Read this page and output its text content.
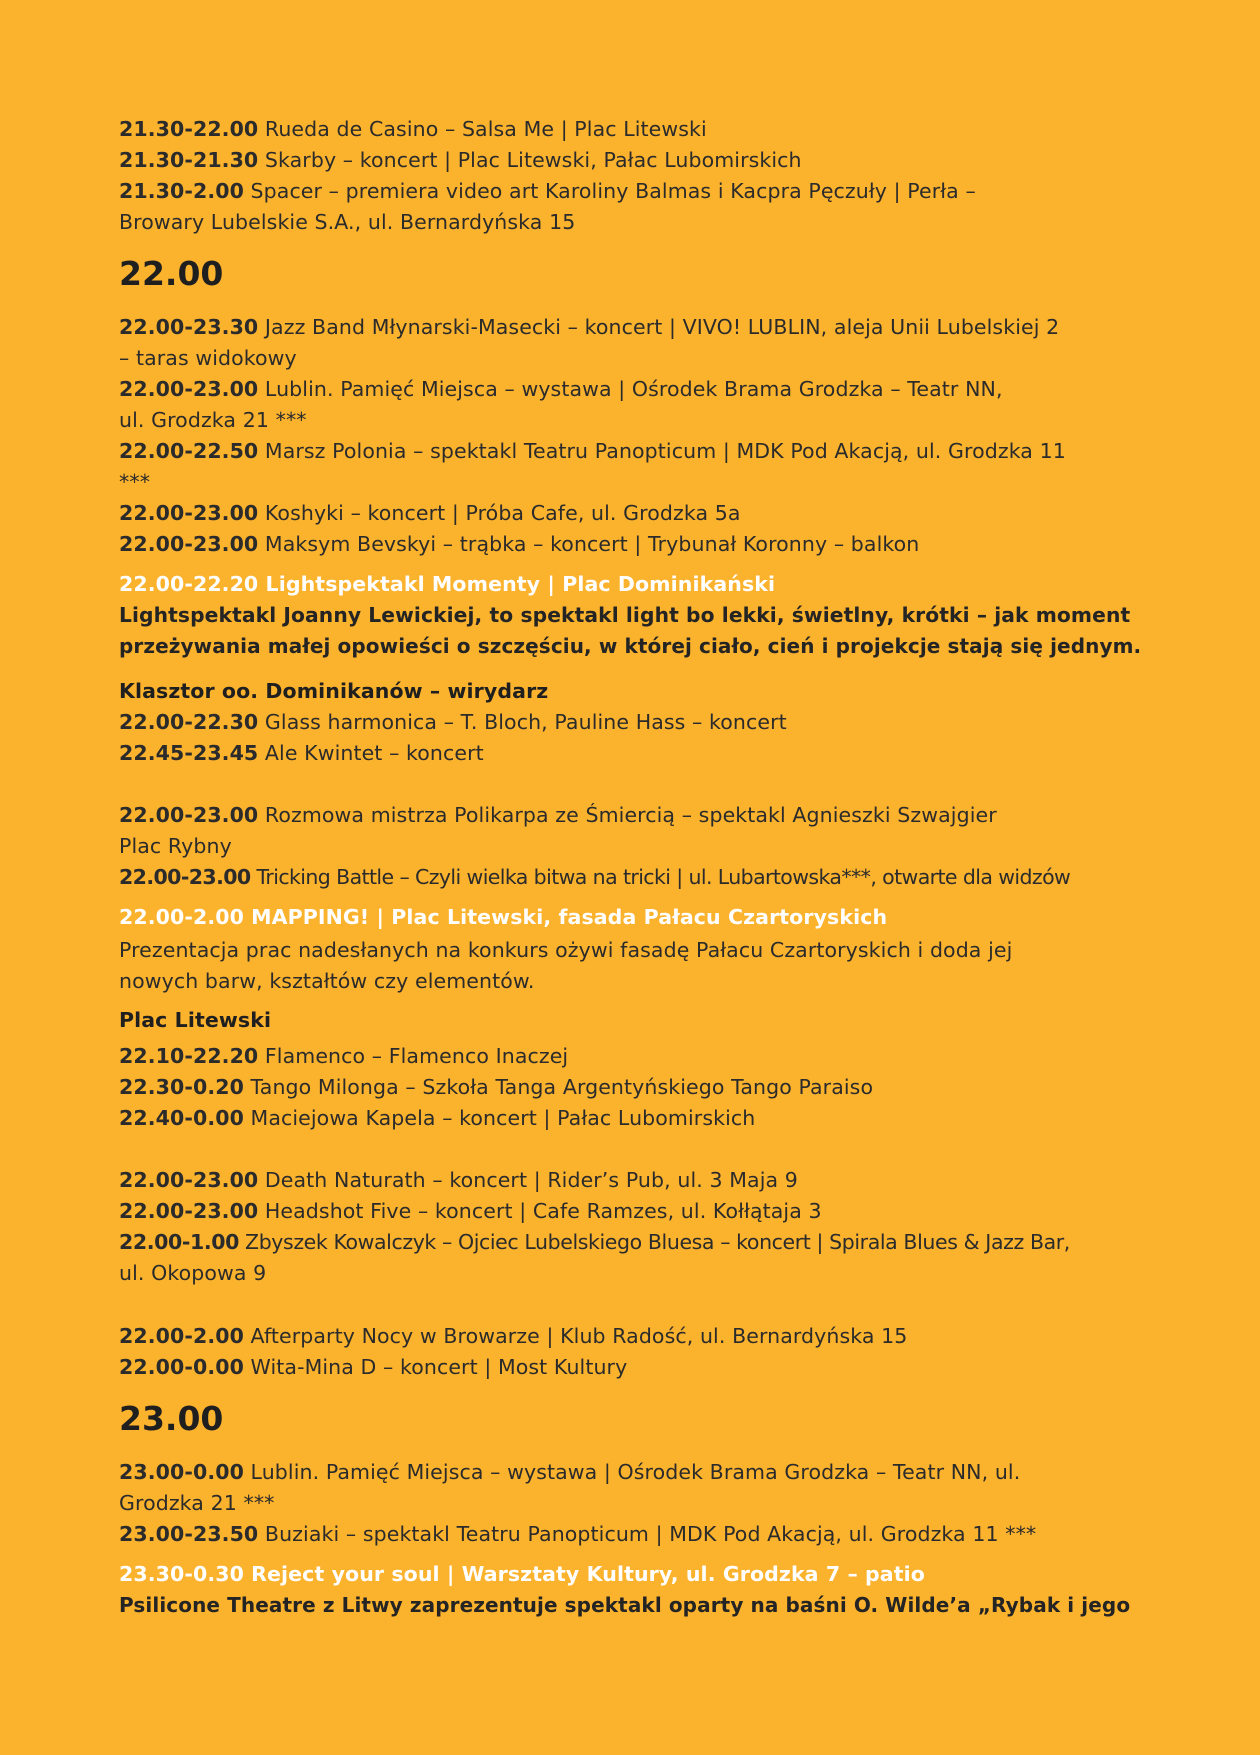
21.30-22.00 Rueda de Casino – Salsa Me | Plac Litewski

21.30-21.30 Skarby – koncert | Plac Litewski, Pałac Lubomirskich

21.30-2.00 Spacer – premiera video art Karoliny Balmas i Kacpra Pęczuły | Perła –

Browary Lubelskie S.A., ul. Bernardyńska 15

22.00

22.00-23.30 Jazz Band Młynarski-Masecki – koncert | VIVO! LUBLIN, aleja Unii Lubelskiej 2

– taras widokowy

22.00-23.00 Lublin. Pamięć Miejsca – wystawa | Ośrodek Brama Grodzka – Teatr NN,

ul. Grodzka 21 ***

22.00-22.50 Marsz Polonia – spektakl Teatru Panopticum | MDK Pod Akacją, ul. Grodzka 11

***

22.00-23.00 Koshyki – koncert | Próba Cafe, ul. Grodzka 5a

22.00-23.00 Maksym Bevskyi – trąbka – koncert | Trybunał Koronny – balkon

22.00-22.20 Lightspektakl Momenty | Plac Dominikański

Lightspektakl Joanny Lewickiej, to spektakl light bo lekki, świetlny, krótki – jak moment

przeżywania małej opowieści o szczęściu, w której ciało, cień i projekcje stają się jednym.

Klasztor oo. Dominikanów – wirydarz

22.00-22.30 Glass harmonica – T. Bloch, Pauline Hass – koncert

22.45-23.45 Ale Kwintet – koncert

22.00-23.00 Rozmowa mistrza Polikarpa ze Śmiercią – spektakl Agnieszki Szwajgier

Plac Rybny

22.00-23.00 Tricking Battle – Czyli wielka bitwa na tricki | ul. Lubartowska***, otwarte dla widzów

22.00-2.00 MAPPING! | Plac Litewski, fasada Pałacu Czartoryskich

Prezentacja prac nadesłanych na konkurs ożywi fasadę Pałacu Czartoryskich i doda jej

nowych barw, kształtów czy elementów.

Plac Litewski

22.10-22.20 Flamenco – Flamenco Inaczej

22.30-0.20 Tango Milonga – Szkoła Tanga Argentyńskiego Tango Paraiso

22.40-0.00 Maciejowa Kapela – koncert | Pałac Lubomirskich

22.00-23.00 Death Naturath – koncert | Rider’s Pub, ul. 3 Maja 9

22.00-23.00 Headshot Five – koncert | Cafe Ramzes, ul. Kołłątaja 3

22.00-1.00 Zbyszek Kowalczyk – Ojciec Lubelskiego Bluesa – koncert | Spirala Blues & Jazz Bar,

ul. Okopowa 9

22.00-2.00 Afterparty Nocy w Browarze | Klub Radość, ul. Bernardyńska 15

22.00-0.00 Wita-Mina D – koncert | Most Kultury

23.00

23.00-0.00 Lublin. Pamięć Miejsca – wystawa | Ośrodek Brama Grodzka – Teatr NN, ul.

Grodzka 21 ***

23.00-23.50 Buziaki – spektakl Teatru Panopticum | MDK Pod Akacją, ul. Grodzka 11 ***

23.30-0.30 Reject your soul | Warsztaty Kultury, ul. Grodzka 7 – patio

Psilicone Theatre z Litwy zaprezentuje spektakl oparty na baśni O. Wilde’a „Rybak i jego
